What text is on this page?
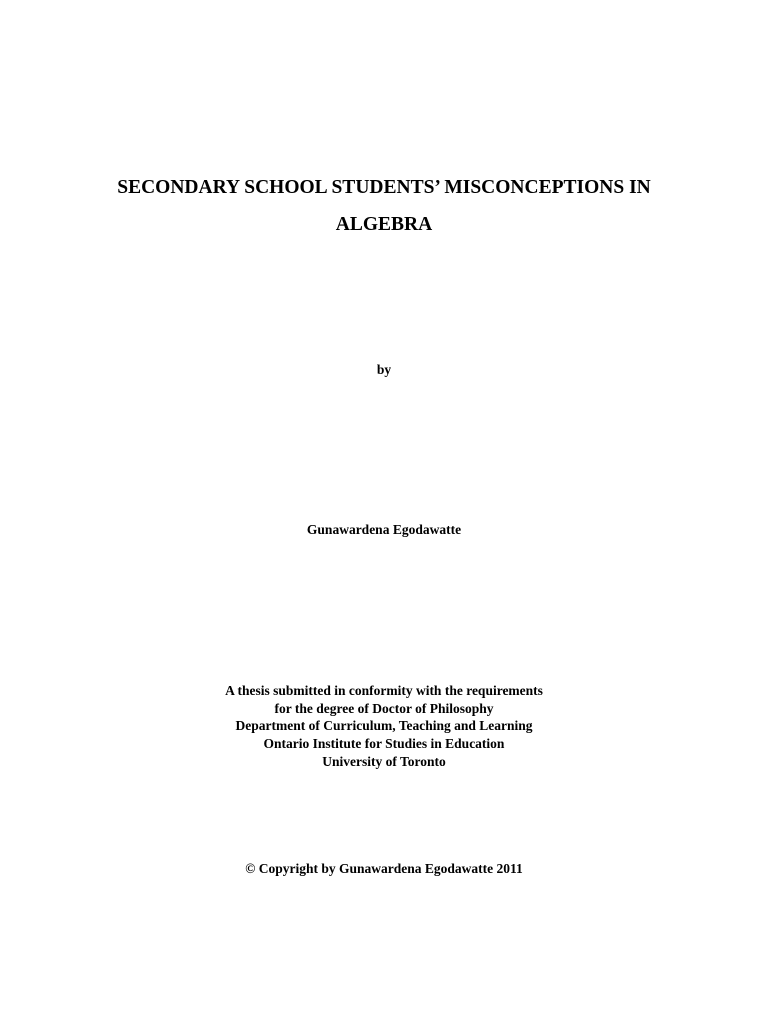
SECONDARY SCHOOL STUDENTS’ MISCONCEPTIONS IN
ALGEBRA
by
Gunawardena Egodawatte
A thesis submitted in conformity with the requirements
for the degree of Doctor of Philosophy
Department of Curriculum, Teaching and Learning
Ontario Institute for Studies in Education
University of Toronto
© Copyright by Gunawardena Egodawatte 2011
